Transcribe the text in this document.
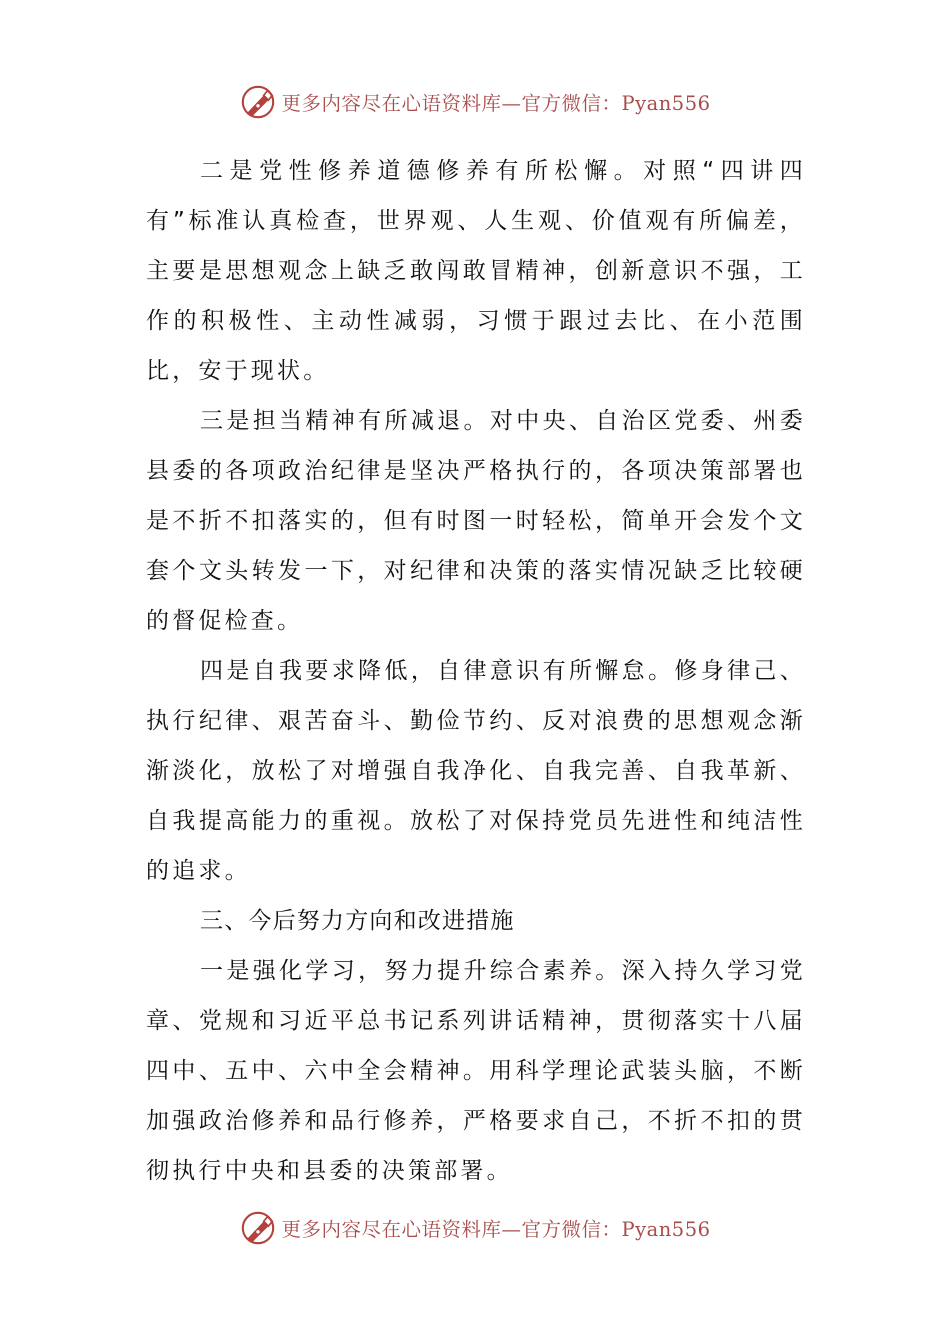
更多内容尽在心语资料库—官方微信：Pyan556

二是党性修养道德修养有所松懈。对照“四讲四有”标准认真检查，世界观、人生观、价值观有所偏差，主要是思想观念上缺乏敢闯敢冒精神，创新意识不强，工作的积极性、主动性减弱，习惯于跟过去比、在小范围比，安于现状。

三是担当精神有所减退。对中央、自治区党委、州委县委的各项政治纪律是坚决严格执行的，各项决策部署也是不折不扣落实的，但有时图一时轻松，简单开会发个文套个文头转发一下，对纪律和决策的落实情况缺乏比较硬的督促检查。

四是自我要求降低，自律意识有所懈怠。修身律己、执行纪律、艰苦奋斗、勤俭节约、反对浪费的思想观念渐渐淡化，放松了对增强自我净化、自我完善、自我革新、自我提高能力的重视。放松了对保持党员先进性和纯洁性的追求。

三、今后努力方向和改进措施

一是强化学习，努力提升综合素养。深入持久学习党章、党规和习近平总书记系列讲话精神，贯彻落实十八届四中、五中、六中全会精神。用科学理论武装头脑，不断加强政治修养和品行修养，严格要求自己，不折不扣的贯彻执行中央和县委的决策部署。

更多内容尽在心语资料库—官方微信：Pyan556
